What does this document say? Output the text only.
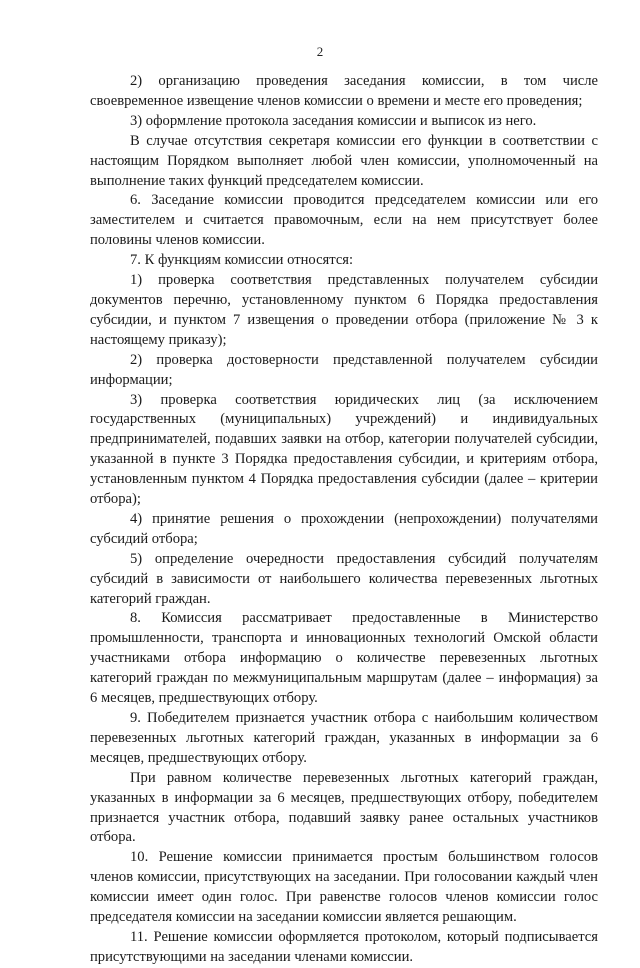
2

2) организацию проведения заседания комиссии, в том числе своевременное извещение членов комиссии о времени и месте его проведения;

3) оформление протокола заседания комиссии и выписок из него.

В случае отсутствия секретаря комиссии его функции в соответствии с настоящим Порядком выполняет любой член комиссии, уполномоченный на выполнение таких функций председателем комиссии.

6. Заседание комиссии проводится председателем комиссии или его заместителем и считается правомочным, если на нем присутствует более половины членов комиссии.

7. К функциям комиссии относятся:

1) проверка соответствия представленных получателем субсидии документов перечню, установленному пунктом 6 Порядка предоставления субсидии, и пунктом 7 извещения о проведении отбора (приложение № 3 к настоящему приказу);

2) проверка достоверности представленной получателем субсидии информации;

3) проверка соответствия юридических лиц (за исключением государственных (муниципальных) учреждений) и индивидуальных предпринимателей, подавших заявки на отбор, категории получателей субсидии, указанной в пункте 3 Порядка предоставления субсидии, и критериям отбора, установленным пунктом 4 Порядка предоставления субсидии (далее – критерии отбора);

4) принятие решения о прохождении (непрохождении) получателями субсидий отбора;

5) определение очередности предоставления субсидий получателям субсидий в зависимости от наибольшего количества перевезенных льготных категорий граждан.

8. Комиссия рассматривает предоставленные в Министерство промышленности, транспорта и инновационных технологий Омской области участниками отбора информацию о количестве перевезенных льготных категорий граждан по межмуниципальным маршрутам (далее – информация) за 6 месяцев, предшествующих отбору.

9. Победителем признается участник отбора с наибольшим количеством перевезенных льготных категорий граждан, указанных в информации за 6 месяцев, предшествующих отбору.

При равном количестве перевезенных льготных категорий граждан, указанных в информации за 6 месяцев, предшествующих отбору, победителем признается участник отбора, подавший заявку ранее остальных участников отбора.

10. Решение комиссии принимается простым большинством голосов членов комиссии, присутствующих на заседании. При голосовании каждый член комиссии имеет один голос. При равенстве голосов членов комиссии голос председателя комиссии на заседании комиссии является решающим.

11. Решение комиссии оформляется протоколом, который подписывается присутствующими на заседании членами комиссии.
